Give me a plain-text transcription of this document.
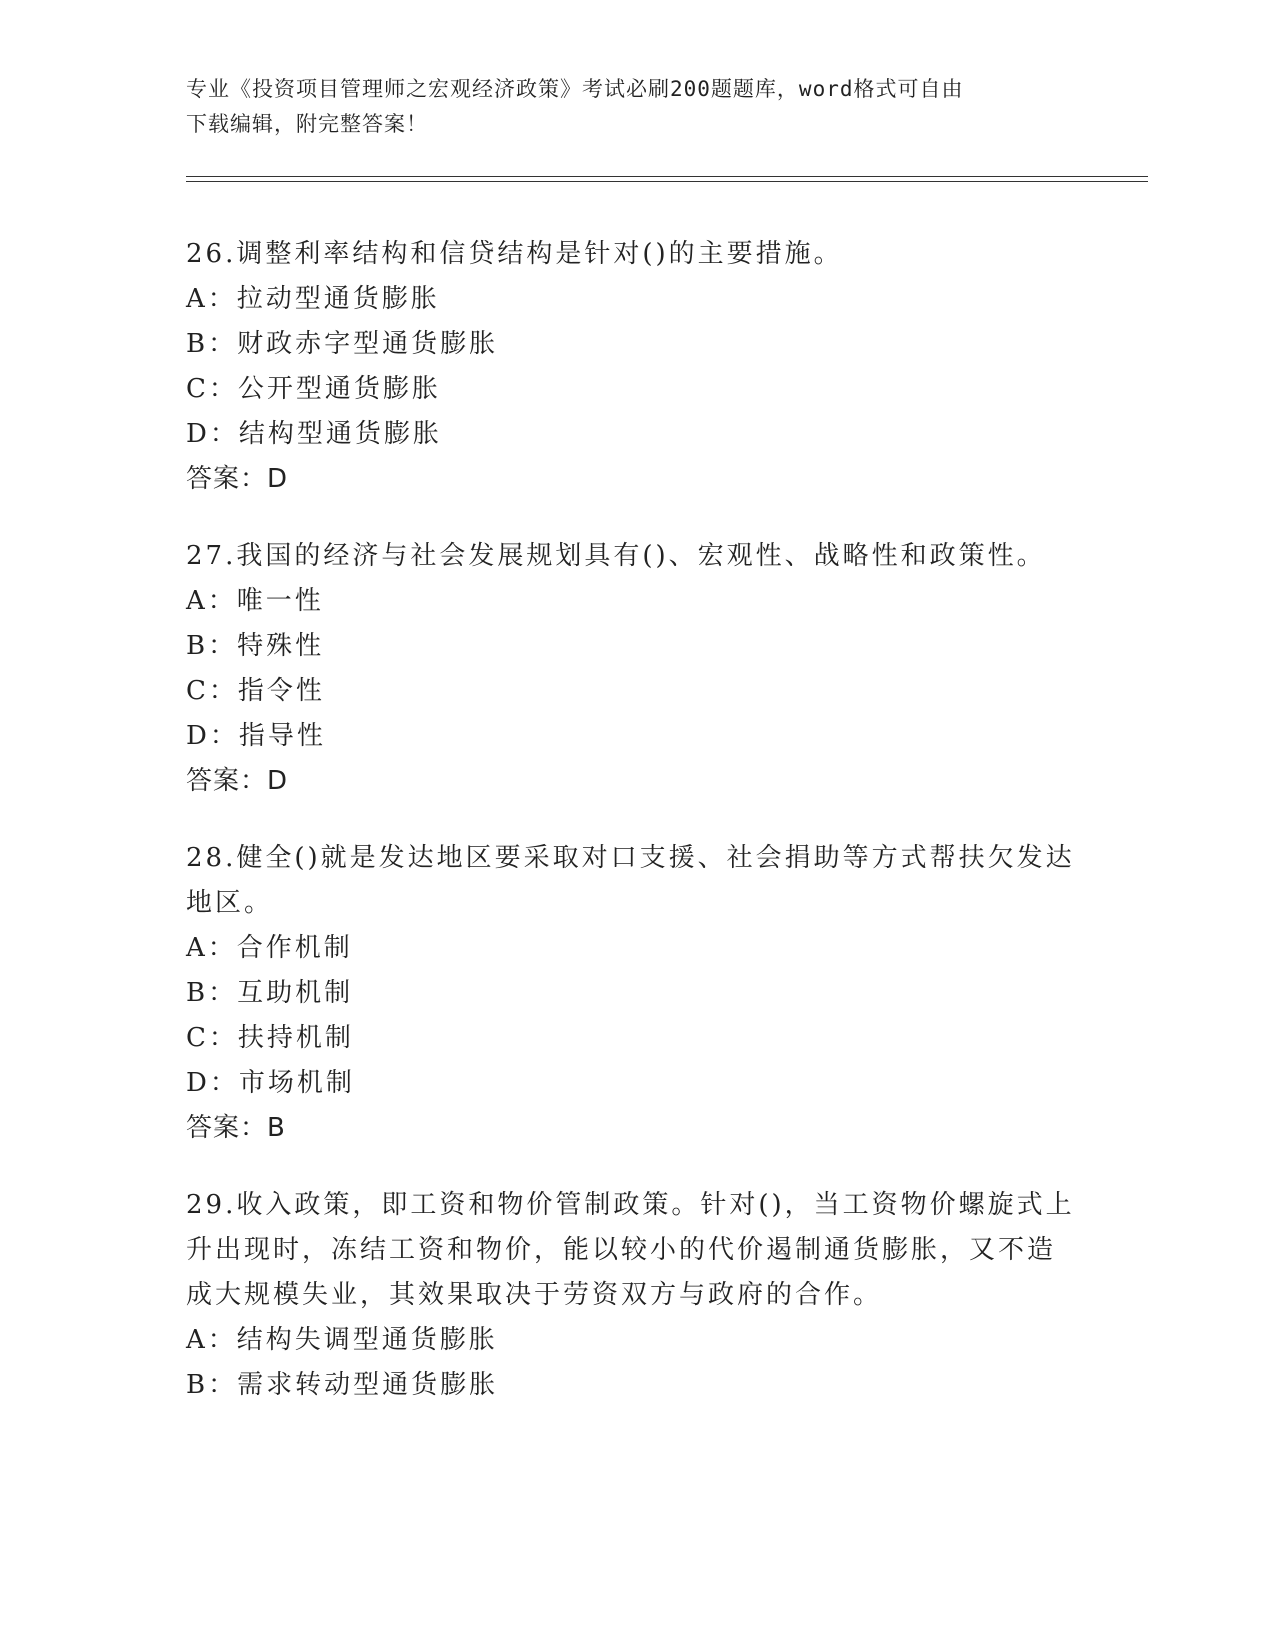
专业《投资项目管理师之宏观经济政策》考试必刷200题题库，word格式可自由
下载编辑，附完整答案！
26.调整利率结构和信贷结构是针对()的主要措施。
A：拉动型通货膨胀
B：财政赤字型通货膨胀
C：公开型通货膨胀
D：结构型通货膨胀
答案：D
27.我国的经济与社会发展规划具有()、宏观性、战略性和政策性。
A：唯一性
B：特殊性
C：指令性
D：指导性
答案：D
28.健全()就是发达地区要采取对口支援、社会捐助等方式帮扶欠发达
地区。
A：合作机制
B：互助机制
C：扶持机制
D：市场机制
答案：B
29.收入政策，即工资和物价管制政策。针对()，当工资物价螺旋式上
升出现时，冻结工资和物价，能以较小的代价遏制通货膨胀，又不造
成大规模失业，其效果取决于劳资双方与政府的合作。
A：结构失调型通货膨胀
B：需求转动型通货膨胀
